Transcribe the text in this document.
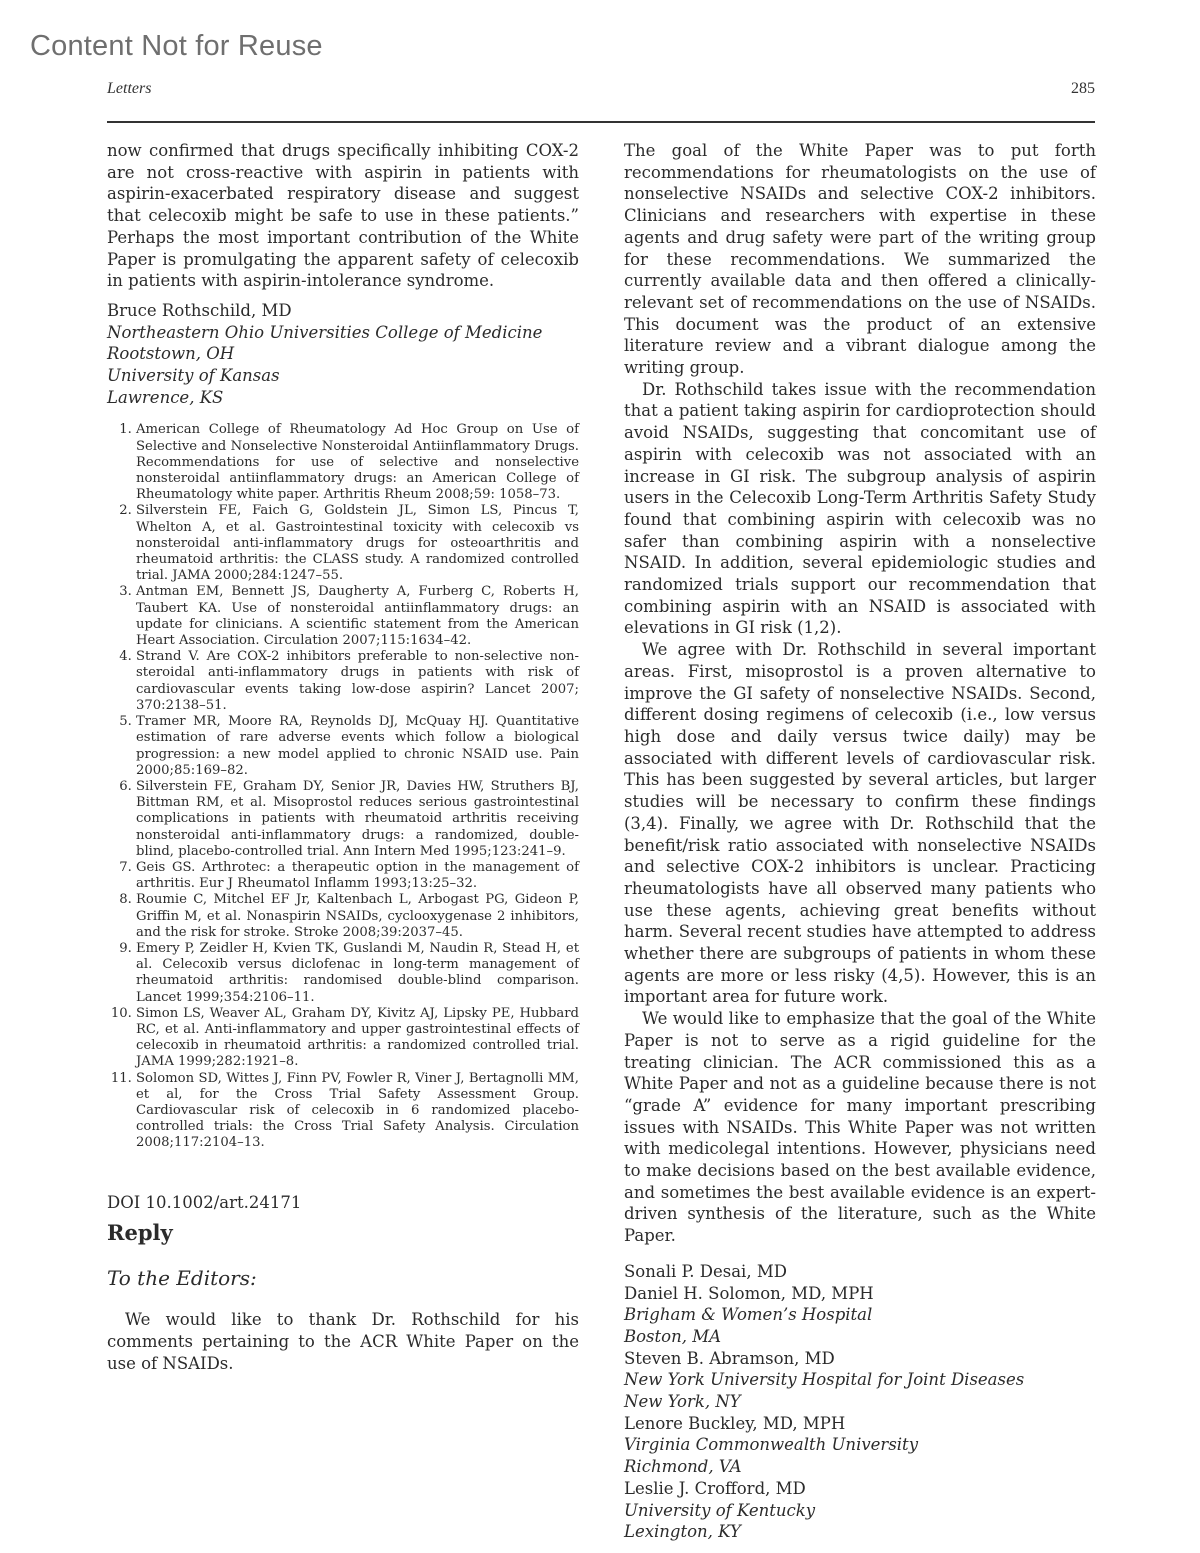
Content Not for Reuse
Letters	285

now confirmed that drugs specifically inhibiting COX-2 are not cross-reactive with aspirin in patients with aspirin-exacerbated respiratory disease and suggest that celecoxib might be safe to use in these patients.” Perhaps the most important contribution of the White Paper is promulgating the apparent safety of celecoxib in patients with aspirin-intolerance syndrome.

Bruce Rothschild, MD
Northeastern Ohio Universities College of Medicine
Rootstown, OH
University of Kansas
Lawrence, KS
1. American College of Rheumatology Ad Hoc Group on Use of Selective and Nonselective Nonsteroidal Antiinflammatory Drugs. Recommendations for use of selective and nonselective nonsteroidal antiinflammatory drugs: an American College of Rheumatology white paper. Arthritis Rheum 2008;59: 1058–73.
2. Silverstein FE, Faich G, Goldstein JL, Simon LS, Pincus T, Whelton A, et al. Gastrointestinal toxicity with celecoxib vs nonsteroidal anti-inflammatory drugs for osteoarthritis and rheumatoid arthritis: the CLASS study. A randomized controlled trial. JAMA 2000;284:1247–55.
3. Antman EM, Bennett JS, Daugherty A, Furberg C, Roberts H, Taubert KA. Use of nonsteroidal antiinflammatory drugs: an update for clinicians. A scientific statement from the American Heart Association. Circulation 2007;115:1634–42.
4. Strand V. Are COX-2 inhibitors preferable to non-selective non-steroidal anti-inflammatory drugs in patients with risk of cardiovascular events taking low-dose aspirin? Lancet 2007; 370:2138–51.
5. Tramer MR, Moore RA, Reynolds DJ, McQuay HJ. Quantitative estimation of rare adverse events which follow a biological progression: a new model applied to chronic NSAID use. Pain 2000;85:169–82.
6. Silverstein FE, Graham DY, Senior JR, Davies HW, Struthers BJ, Bittman RM, et al. Misoprostol reduces serious gastrointestinal complications in patients with rheumatoid arthritis receiving nonsteroidal anti-inflammatory drugs: a randomized, double-blind, placebo-controlled trial. Ann Intern Med 1995;123:241–9.
7. Geis GS. Arthrotec: a therapeutic option in the management of arthritis. Eur J Rheumatol Inflamm 1993;13:25–32.
8. Roumie C, Mitchel EF Jr, Kaltenbach L, Arbogast PG, Gideon P, Griffin M, et al. Nonaspirin NSAIDs, cyclooxygenase 2 inhibitors, and the risk for stroke. Stroke 2008;39:2037–45.
9. Emery P, Zeidler H, Kvien TK, Guslandi M, Naudin R, Stead H, et al. Celecoxib versus diclofenac in long-term management of rheumatoid arthritis: randomised double-blind comparison. Lancet 1999;354:2106–11.
10. Simon LS, Weaver AL, Graham DY, Kivitz AJ, Lipsky PE, Hubbard RC, et al. Anti-inflammatory and upper gastrointestinal effects of celecoxib in rheumatoid arthritis: a randomized controlled trial. JAMA 1999;282:1921–8.
11. Solomon SD, Wittes J, Finn PV, Fowler R, Viner J, Bertagnolli MM, et al, for the Cross Trial Safety Assessment Group. Cardiovascular risk of celecoxib in 6 randomized placebo-controlled trials: the Cross Trial Safety Analysis. Circulation 2008;117:2104–13.
DOI 10.1002/art.24171
Reply
To the Editors:

We would like to thank Dr. Rothschild for his comments pertaining to the ACR White Paper on the use of NSAIDs.

The goal of the White Paper was to put forth recommendations for rheumatologists on the use of nonselective NSAIDs and selective COX-2 inhibitors. Clinicians and researchers with expertise in these agents and drug safety were part of the writing group for these recommendations. We summarized the currently available data and then offered a clinically-relevant set of recommendations on the use of NSAIDs. This document was the product of an extensive literature review and a vibrant dialogue among the writing group.

Dr. Rothschild takes issue with the recommendation that a patient taking aspirin for cardioprotection should avoid NSAIDs, suggesting that concomitant use of aspirin with celecoxib was not associated with an increase in GI risk. The subgroup analysis of aspirin users in the Celecoxib Long-Term Arthritis Safety Study found that combining aspirin with celecoxib was no safer than combining aspirin with a nonselective NSAID. In addition, several epidemiologic studies and randomized trials support our recommendation that combining aspirin with an NSAID is associated with elevations in GI risk (1,2).

We agree with Dr. Rothschild in several important areas. First, misoprostol is a proven alternative to improve the GI safety of nonselective NSAIDs. Second, different dosing regimens of celecoxib (i.e., low versus high dose and daily versus twice daily) may be associated with different levels of cardiovascular risk. This has been suggested by several articles, but larger studies will be necessary to confirm these findings (3,4). Finally, we agree with Dr. Rothschild that the benefit/risk ratio associated with nonselective NSAIDs and selective COX-2 inhibitors is unclear. Practicing rheumatologists have all observed many patients who use these agents, achieving great benefits without harm. Several recent studies have attempted to address whether there are subgroups of patients in whom these agents are more or less risky (4,5). However, this is an important area for future work.

We would like to emphasize that the goal of the White Paper is not to serve as a rigid guideline for the treating clinician. The ACR commissioned this as a White Paper and not as a guideline because there is not “grade A” evidence for many important prescribing issues with NSAIDs. This White Paper was not written with medicolegal intentions. However, physicians need to make decisions based on the best available evidence, and sometimes the best available evidence is an expert-driven synthesis of the literature, such as the White Paper.

Sonali P. Desai, MD
Daniel H. Solomon, MD, MPH
Brigham & Women’s Hospital
Boston, MA
Steven B. Abramson, MD
New York University Hospital for Joint Diseases
New York, NY
Lenore Buckley, MD, MPH
Virginia Commonwealth University
Richmond, VA
Leslie J. Crofford, MD
University of Kentucky
Lexington, KY
